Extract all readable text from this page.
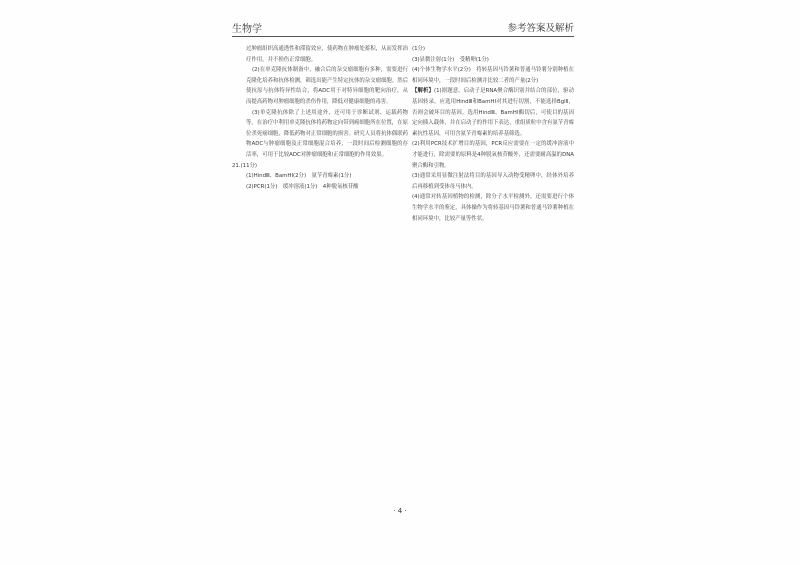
生物学	参考答案及解析

过肿瘤组织高通透性和滞留效应，使药物在肿瘤处蓄积，从而发挥治疗作用，并不损伤正常细胞。

(2)在单克隆抗体制备中，融合后的杂交瘤细胞有多种，需要进行克隆化培养和抗体检测，筛选出能产生特定抗体的杂交瘤细胞。然后使抗原与抗体特异性结合，将ADC用于对特异细胞的靶向治疗，从而提高药物对肿瘤细胞的杀伤作用，降低对健康细胞的毒害。

(3)单克隆抗体除了上述用途外，还可用于诊断试剂、运载药物等。在治疗中利用单克隆抗体将药物定向带到癌细胞所在位置，在原位杀死癌细胞，降低药物对正常细胞的损害。研究人员将抗体偶联药物ADC与肿瘤细胞及正常细胞混合培养，一段时间后检测细胞的存活率，可用于比较ADC对肿瘤细胞和正常细胞的作用效果。

21.(11分)

(1)HindⅢ、BamHⅠ(2分)　氨苄青霉素(1分)

(2)PCR(1分)　缓冲溶液(1分)　4种脱氧核苷酸

(1分)

(3)显微注射(1分)　受精卵(1分)

(4)个体生物学水平(2分)　将转基因马铃薯和普通马铃薯分别种植在相同环境中，一段时间后检测并比较二者的产量(2分)

【解析】(1)据题意，启动子是RNA聚合酶识别并结合的部位，驱动基因转录，应选用HindⅢ和BamHⅠ对其进行切割，不能选择BglⅡ，否则会破坏目的基因。选用HindⅢ、BamHⅠ酶切后，可使目的基因定向插入载体，并在启动子的作用下表达，重组质粒中含有氨苄青霉素抗性基因，可用含氨苄青霉素的培养基筛选。

(2)利用PCR技术扩增目的基因，PCR反应需要在一定的缓冲溶液中才能进行，除需要的原料是4种脱氧核苷酸外，还需要耐高温的DNA聚合酶和引物。

(3)通常采用显微注射法将目的基因导入动物受精卵中，经体外培养后再移植到受体母马体内。

(4)通常对转基因植物的检测，除分子水平检测外，还需要进行个体生物学水平的鉴定，具体操作为将转基因马铃薯和普通马铃薯种植在相同环境中，比较产量等性状。

· 4 ·
